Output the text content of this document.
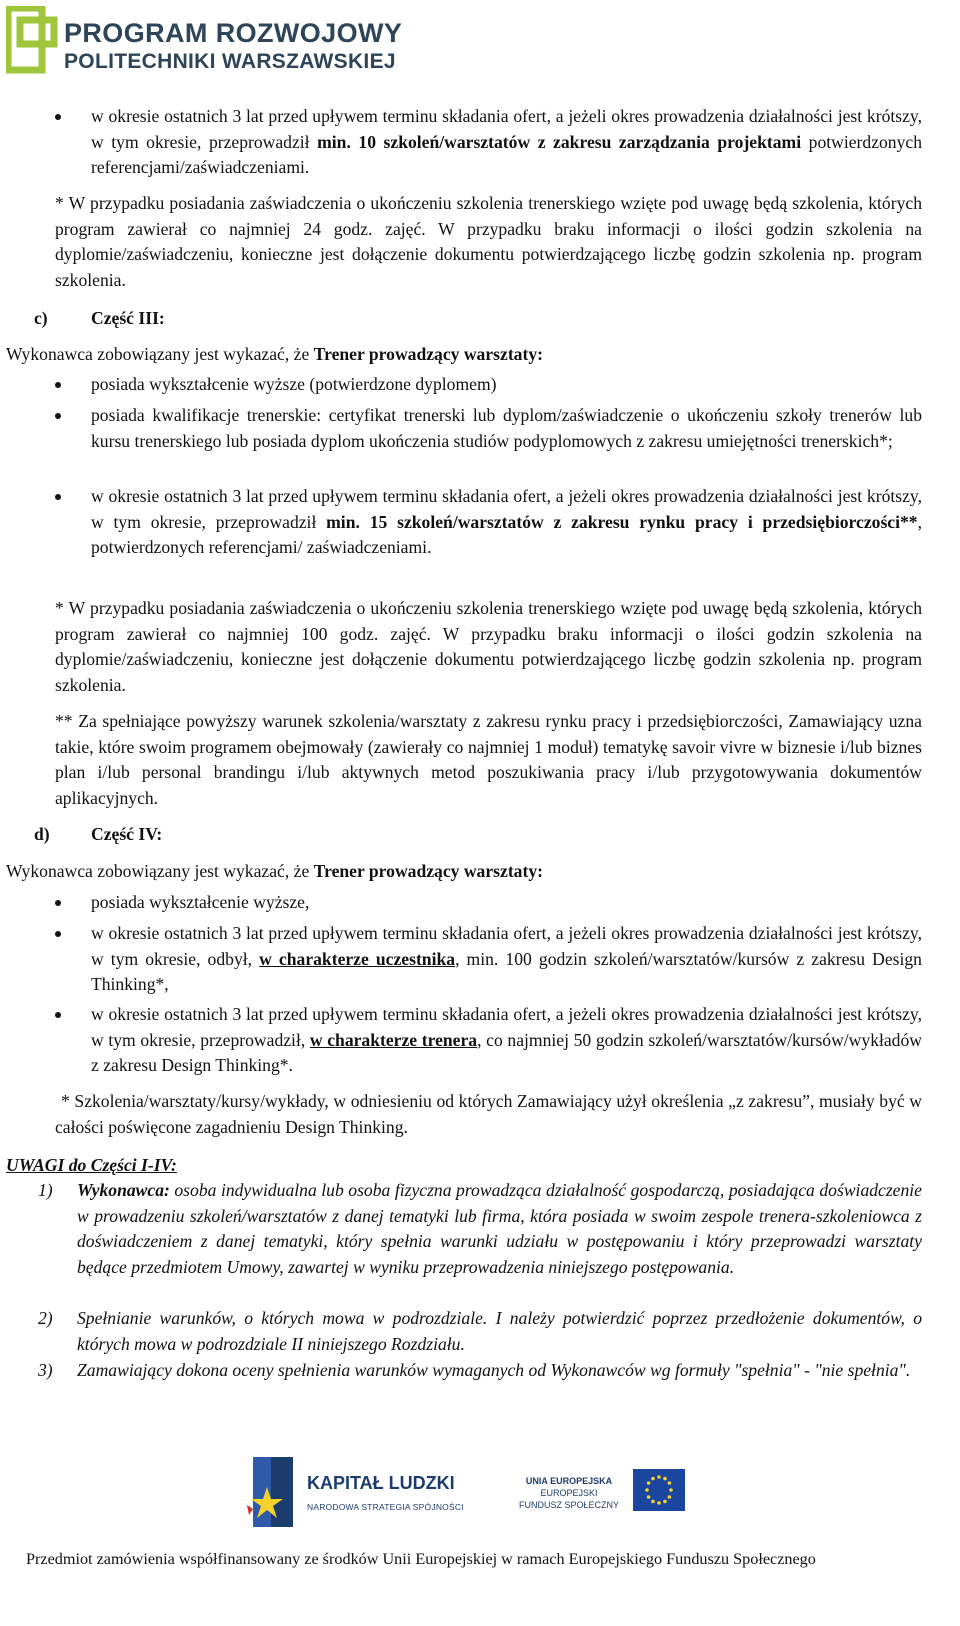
PROGRAM ROZWOJOWY
POLITECHNIKI WARSZAWSKIEJ
w okresie ostatnich 3 lat przed upływem terminu składania ofert, a jeżeli okres prowadzenia działalności jest krótszy, w tym okresie, przeprowadził min. 10 szkoleń/warsztatów z zakresu zarządzania projektami potwierdzonych referencjami/zaświadczeniami.
* W przypadku posiadania zaświadczenia o ukończeniu szkolenia trenerskiego wzięte pod uwagę będą szkolenia, których program zawierał co najmniej 24 godz. zajęć. W przypadku braku informacji o ilości godzin szkolenia na dyplomie/zaświadczeniu, konieczne jest dołączenie dokumentu potwierdzającego liczbę godzin szkolenia np. program szkolenia.
c) Część III:
Wykonawca zobowiązany jest wykazać, że Trener prowadzący warsztaty:
posiada wykształcenie wyższe (potwierdzone dyplomem)
posiada kwalifikacje trenerskie: certyfikat trenerski lub dyplom/zaświadczenie o ukończeniu szkoły trenerów lub kursu trenerskiego lub posiada dyplom ukończenia studiów podyplomowych z zakresu umiejętności trenerskich*;
w okresie ostatnich 3 lat przed upływem terminu składania ofert, a jeżeli okres prowadzenia działalności jest krótszy, w tym okresie, przeprowadził min. 15 szkoleń/warsztatów z zakresu rynku pracy i przedsiębiorczości**, potwierdzonych referencjami/ zaświadczeniami.
* W przypadku posiadania zaświadczenia o ukończeniu szkolenia trenerskiego wzięte pod uwagę będą szkolenia, których program zawierał co najmniej 100 godz. zajęć. W przypadku braku informacji o ilości godzin szkolenia na dyplomie/zaświadczeniu, konieczne jest dołączenie dokumentu potwierdzającego liczbę godzin szkolenia np. program szkolenia.
** Za spełniające powyższy warunek szkolenia/warsztaty z zakresu rynku pracy i przedsiębiorczości, Zamawiający uzna takie, które swoim programem obejmowały (zawierały co najmniej 1 moduł) tematykę savoir vivre w biznesie i/lub biznes plan i/lub personal brandingu i/lub aktywnych metod poszukiwania pracy i/lub przygotowywania dokumentów aplikacyjnych.
d) Część IV:
Wykonawca zobowiązany jest wykazać, że Trener prowadzący warsztaty:
posiada wykształcenie wyższe,
w okresie ostatnich 3 lat przed upływem terminu składania ofert, a jeżeli okres prowadzenia działalności jest krótszy, w tym okresie, odbył, w charakterze uczestnika, min. 100 godzin szkoleń/warsztatów/kursów z zakresu Design Thinking*,
w okresie ostatnich 3 lat przed upływem terminu składania ofert, a jeżeli okres prowadzenia działalności jest krótszy, w tym okresie, przeprowadził, w charakterze trenera, co najmniej 50 godzin szkoleń/warsztatów/kursów/wykładów z zakresu Design Thinking*.
* Szkolenia/warsztaty/kursy/wykłady, w odniesieniu od których Zamawiający użył określenia „z zakresu”, musiały być w całości poświęcone zagadnieniu Design Thinking.
UWAGI do Części I-IV:
1) Wykonawca: osoba indywidualna lub osoba fizyczna prowadząca działalność gospodarczą, posiadająca doświadczenie w prowadzeniu szkoleń/warsztatów z danej tematyki lub firma, która posiada w swoim zespole trenera-szkoleniowca z doświadczeniem z danej tematyki, który spełnia warunki udziału w postępowaniu i który przeprowadzi warsztaty będące przedmiotem Umowy, zawartej w wyniku przeprowadzenia niniejszego postępowania.
2) Spełnianie warunków, o których mowa w podrozdziale. I należy potwierdzić poprzez przedłożenie dokumentów, o których mowa w podrozdziale II niniejszego Rozdziału.
3) Zamawiający dokona oceny spełnienia warunków wymaganych od Wykonawców wg formuły "spełnia" - "nie spełnia".
KAPITAŁ LUDZKI
NARODOWA STRATEGIA SPÓJNOŚCI
UNIA EUROPEJSKA
EUROPEJSKI
FUNDUSZ SPOŁECZNY
Przedmiot zamówienia współfinansowany ze środków Unii Europejskiej w ramach Europejskiego Funduszu Społecznego
